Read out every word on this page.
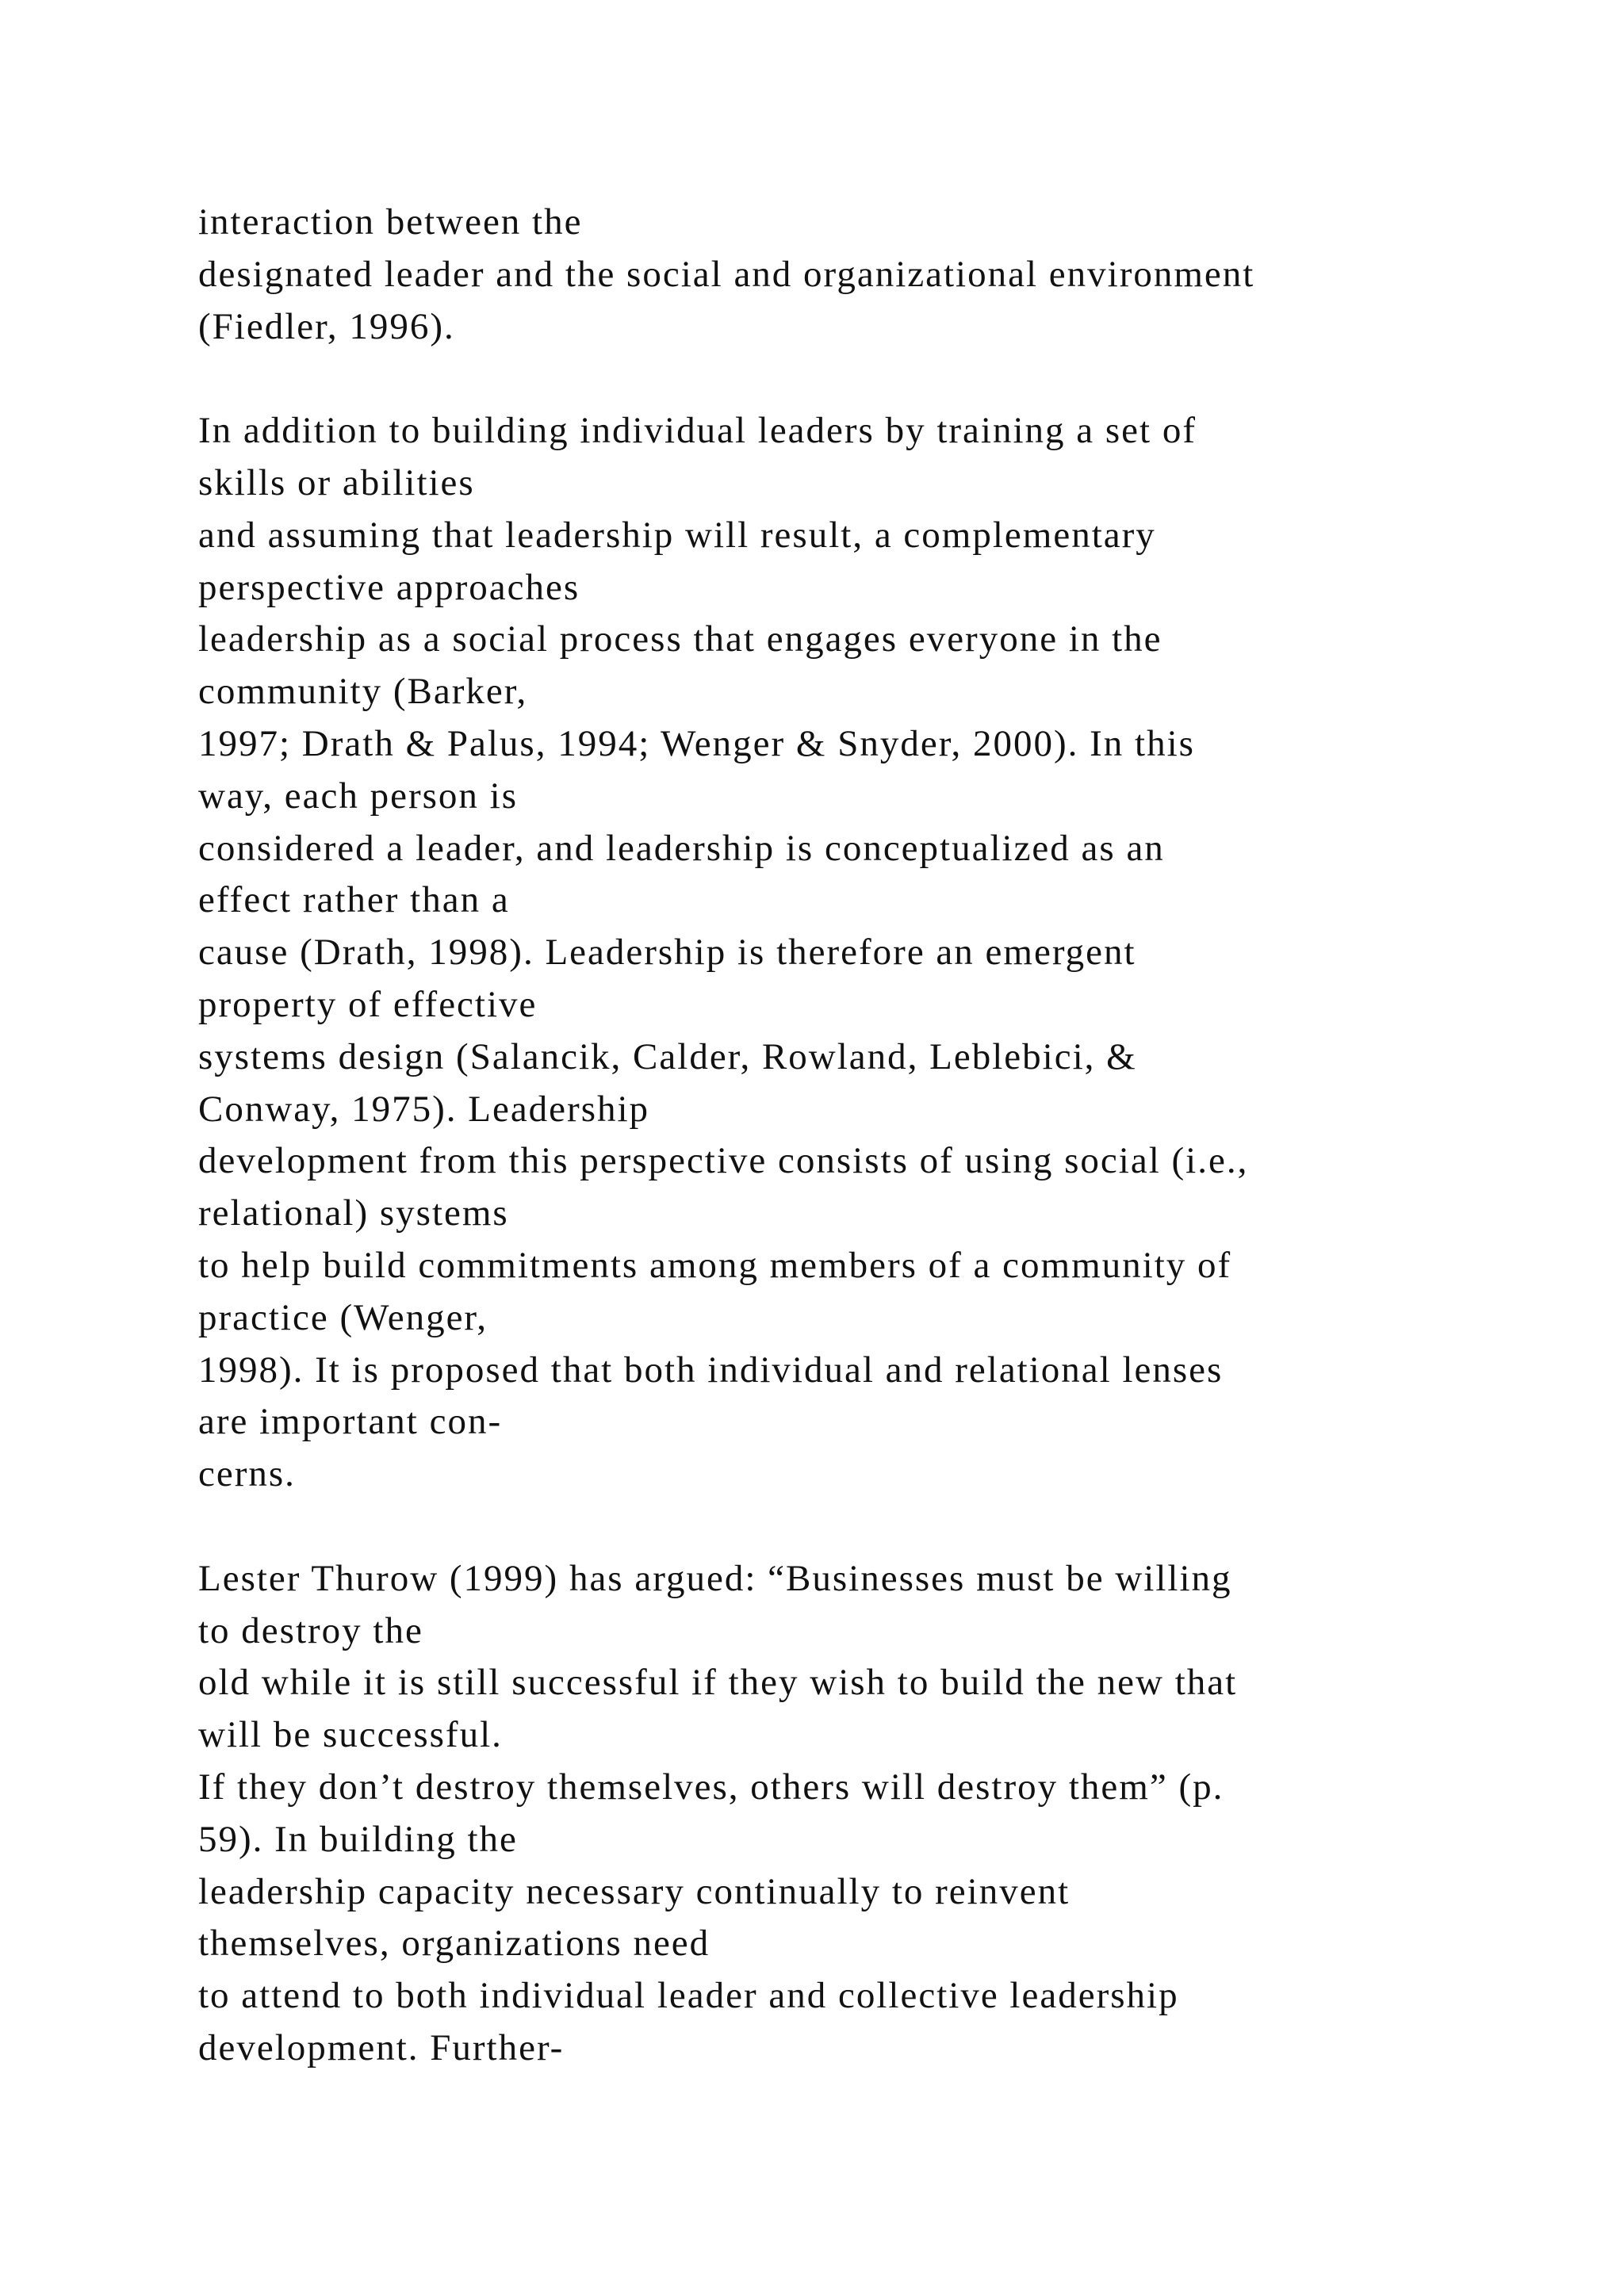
interaction between the
designated leader and the social and organizational environment
(Fiedler, 1996).
In addition to building individual leaders by training a set of
skills or abilities
and assuming that leadership will result, a complementary
perspective approaches
leadership as a social process that engages everyone in the
community (Barker,
1997; Drath & Palus, 1994; Wenger & Snyder, 2000). In this
way, each person is
considered a leader, and leadership is conceptualized as an
effect rather than a
cause (Drath, 1998). Leadership is therefore an emergent
property of effective
systems design (Salancik, Calder, Rowland, Leblebici, &
Conway, 1975). Leadership
development from this perspective consists of using social (i.e.,
relational) systems
to help build commitments among members of a community of
practice (Wenger,
1998). It is proposed that both individual and relational lenses
are important con-
cerns.
Lester Thurow (1999) has argued: “Businesses must be willing
to destroy the
old while it is still successful if they wish to build the new that
will be successful.
If they don’t destroy themselves, others will destroy them” (p.
59). In building the
leadership capacity necessary continually to reinvent
themselves, organizations need
to attend to both individual leader and collective leadership
development. Further-
